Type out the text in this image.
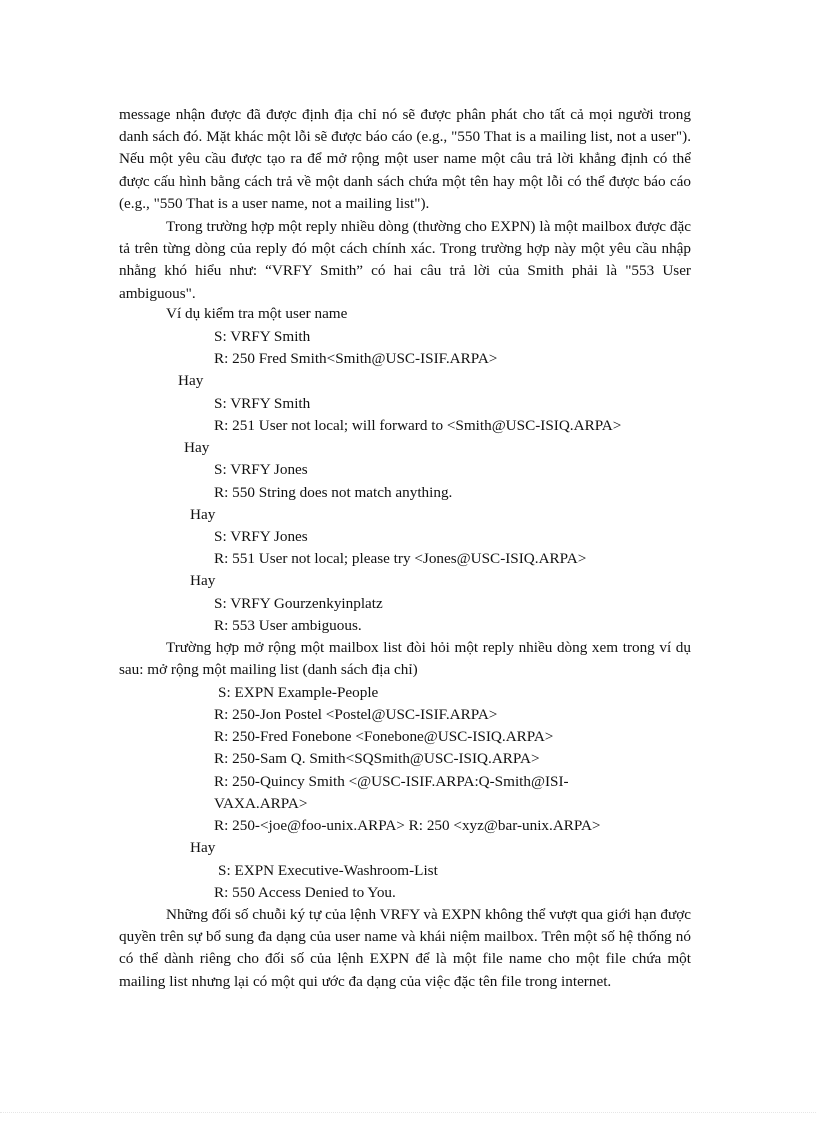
message nhận được đã được định địa chỉ nó sẽ được phân phát cho tất cả mọi người trong danh sách đó. Mặt khác một lỗi sẽ được báo cáo (e.g., "550 That is a mailing list, not a user"). Nếu một yêu cầu được tạo ra để mở rộng một user name một câu trả lời khẳng định có thể được cấu hình bằng cách trả về một danh sách chứa một tên hay một lỗi có thể được báo cáo (e.g., "550 That is a user name, not a mailing list").

Trong trường hợp một reply nhiều dòng (thường cho EXPN) là một mailbox được đặc tả trên từng dòng của reply đó một cách chính xác. Trong trường hợp này một yêu cầu nhập nhằng khó hiểu như: “VRFY Smith” có hai câu trả lời của Smith phải là "553 User ambiguous".

Ví dụ kiểm tra một user name
S: VRFY Smith
R: 250 Fred Smith<Smith@USC-ISIF.ARPA>
Hay
S: VRFY Smith
R: 251 User not local; will forward to <Smith@USC-ISIQ.ARPA>
Hay
S: VRFY Jones
R: 550 String does not match anything.
Hay
S: VRFY Jones
R: 551 User not local; please try <Jones@USC-ISIQ.ARPA>
Hay
S: VRFY Gourzenkyinplatz
R: 553 User ambiguous.

Trường hợp mở rộng một mailbox list đòi hỏi một reply nhiều dòng xem trong ví dụ sau: mở rộng một mailing list (danh sách địa chỉ)

S: EXPN Example-People
R: 250-Jon Postel <Postel@USC-ISIF.ARPA>
R: 250-Fred Fonebone <Fonebone@USC-ISIQ.ARPA>
R: 250-Sam Q. Smith<SQSmith@USC-ISIQ.ARPA>
R: 250-Quincy Smith <@USC-ISIF.ARPA:Q-Smith@ISI-
VAXA.ARPA>
R: 250-<joe@foo-unix.ARPA> R: 250 <xyz@bar-unix.ARPA>
Hay
S: EXPN Executive-Washroom-List
R: 550 Access Denied to You.

Những đối số chuỗi ký tự của lệnh VRFY và EXPN không thể vượt qua giới hạn được quyền trên sự bổ sung đa dạng của user name và khái niệm mailbox. Trên một số hệ thống nó có thể dành riêng cho đối số của lệnh EXPN để là một file name cho một file chứa một mailing list nhưng lại có một qui ước đa dạng của việc đặc tên file trong internet.
